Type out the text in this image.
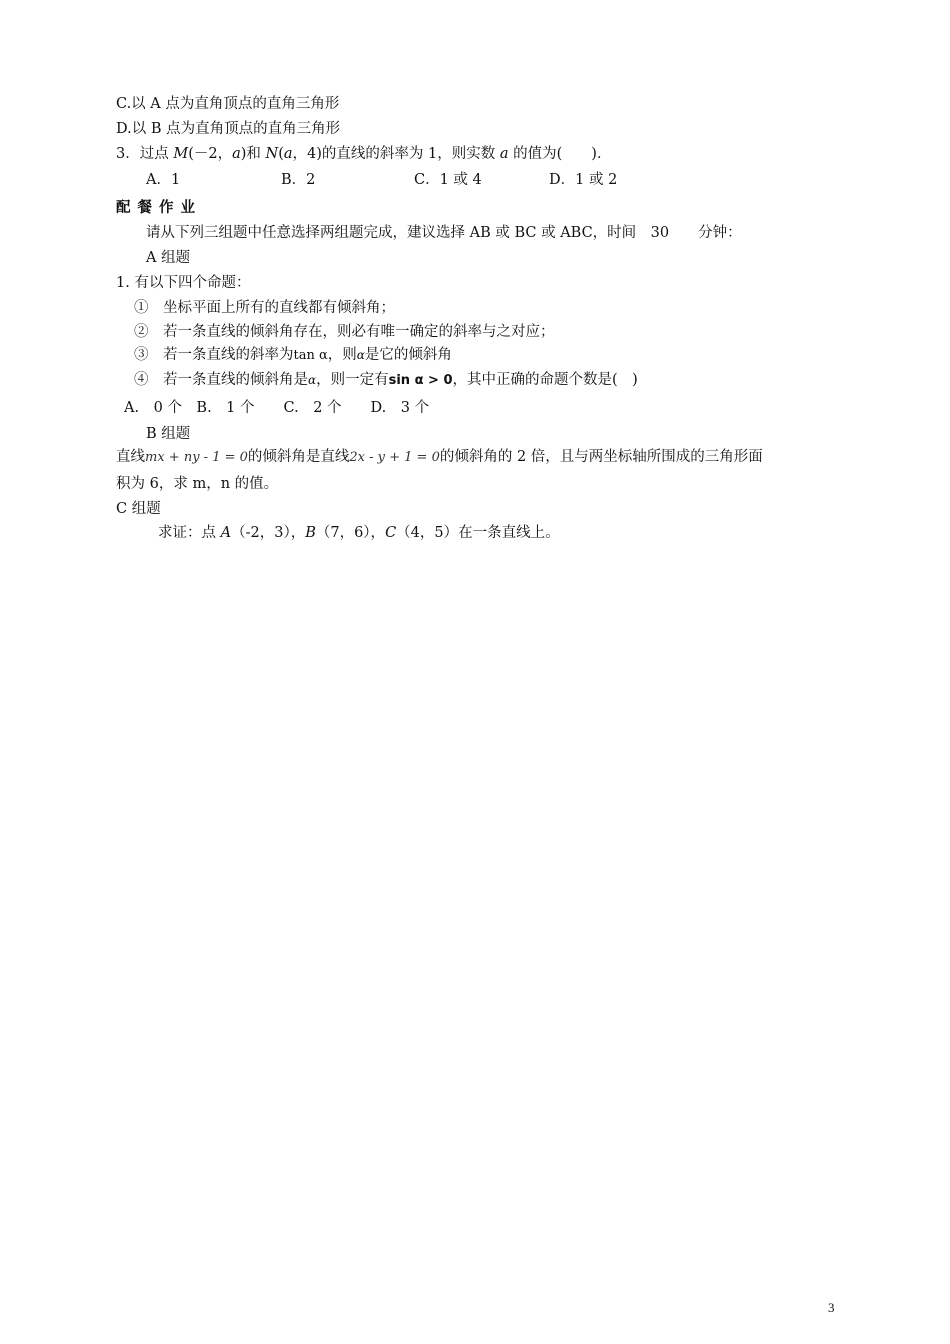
C.以 A 点为直角顶点的直角三角形
D.以 B 点为直角顶点的直角三角形
3．过点 M(－2，a)和 N(a，4)的直线的斜率为 1，则实数 a 的值为(　　)．
A．1	B．2	C．1 或 4	D．1 或 2
配餐作业
请从下列三组题中任意选择两组题完成，建议选择 AB 或 BC 或 ABC，时间　30　　分钟：
A 组题
1. 有以下四个命题：
①　坐标平面上所有的直线都有倾斜角；
②　若一条直线的倾斜角存在，则必有唯一确定的斜率与之对应；
③　若一条直线的斜率为tan α，则α是它的倾斜角
④　若一条直线的倾斜角是α，则一定有sin α > 0，其中正确的命题个数是(　)
A.　0 个　B.　1 个　　C.　2 个　　D.　3 个
B 组题
直线mx + ny - 1 = 0的倾斜角是直线2x - y + 1 = 0的倾斜角的 2 倍，且与两坐标轴所围成的三角形面
积为 6，求 m，n 的值。
C 组题
求证：点 A（-2，3），B（7，6），C（4，5）在一条直线上。
3
